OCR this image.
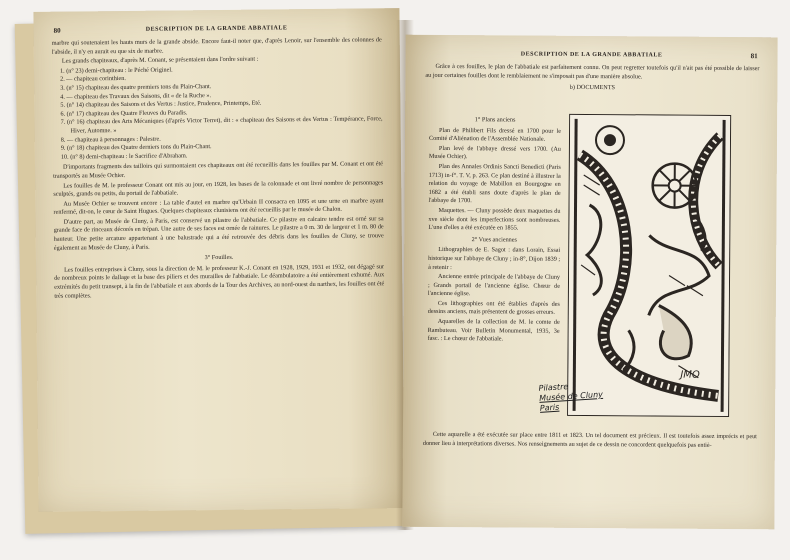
80	DESCRIPTION DE LA GRANDE ABBATIALE

marbre qui soutenaient les hauts murs de la grande abside. Encore faut-il noter que, d'après Lenoir, sur l'ensemble des colonnes de l'abside, il n'y en aurait eu que six de marbre.

Les grands chapiteaux, d'après M. Conant, se présentaient dans l'ordre suivant :

1. (n° 23) demi-chapiteau : le Péché Originel.
2. — chapiteau corinthien.
3. (n° 15) chapiteau des quatre premiers tons du Plain-Chant.
4. — chapiteau des Travaux des Saisons, dit « de la Ruche ».
5. (n° 14) chapiteau des Saisons et des Vertus : Justice, Prudence, Printemps, Eté.
6. (n° 17) chapiteau des Quatre Fleuves du Paradis.
7. (n° 16) chapiteau des Arts Mécaniques (d'après Victor Terret), dit : « chapiteau des Saisons et des Vertus : Tempérance, Force, Hiver, Automne. »
8. — chapiteau à personnages : Palestre.
9. (n° 18) chapiteau des Quatre derniers tons du Plain-Chant.
10. (n° 8) demi-chapiteau : le Sacrifice d'Abraham.

D'importants fragments des tailloirs qui surmontaient ces chapiteaux ont été recueillis dans les fouilles par M. Conant et ont été transportés au Musée Ochier.

Les fouilles de M. le professeur Conant ont mis au jour, en 1928, les bases de la colonnade et ont livré nombre de personnages sculptés, grands ou petits, du portail de l'abbatiale.

Au Musée Ochier se trouvent encore : La table d'autel en marbre qu'Urbain II consacra en 1095 et une urne en marbre ayant renfermé, dit-on, le cœur de Saint Hugues. Quelques chapiteaux clunisiens ont été recueillis par le musée de Chalon.

D'autre part, au Musée de Cluny, à Paris, est conservé un pilastre de l'abbatiale. Ce pilastre en calcaire tendre est orné sur sa grande face de rinceaux décorés en trépan. Une autre de ses faces est ornée de rainures. Le pilastre a 0 m. 30 de largeur et 1 m. 80 de hauteur. Une petite arcature appartenant à une balustrade qui a été retrouvée des débris dans les fouilles de Cluny, se trouve également au Musée de Cluny, à Paris.

3° Fouilles.

Les fouilles entreprises à Cluny, sous la direction de M. le professeur K.-J. Conant en 1928, 1929, 1931 et 1932, ont dégagé sur de nombreux points le dallage et la base des piliers et des murailles de l'abbatiale. Le déambulatoire a été entièrement exhumé. Aux extrémités du petit transept, à la fin de l'abbatiale et aux abords de la Tour des Archives, au nord-ouest du narthex, les fouilles ont été très complètes.

81
DESCRIPTION DE LA GRANDE ABBATIALE

Grâce à ces fouilles, le plan de l'abbatiale est parfaitement connu. On peut regretter toutefois qu'il n'ait pas été possible de laisser au jour certaines fouilles dont le remblaiement ne s'imposait pas d'une manière absolue.

b) DOCUMENTS

1° Plans anciens

Plan de Philibert Fils dressé en 1700 pour le Comité d'Aliénation de l'Assemblée Nationale.

Plan levé de l'abbaye dressé vers 1700. (Au Musée Ochier).

Plan des Annales Ordinis Sancti Benedicti (Paris 1713) in-f°. T. V, p. 263. Ce plan destiné à illustrer la relation du voyage de Mabillon en Bourgogne en 1682 a été établi sans doute d'après le plan de l'abbaye de 1700.

Maquettes. — Cluny possède deux maquettes du xve siècle dont les imperfections sont nombreuses. L'une d'elles a été exécutée en 1855.

2° Vues anciennes

Lithographies de E. Sagot : dans Lorain, Essai historique sur l'abbaye de Cluny ; in-8°, Dijon 1839 ; à retenir :

Ancienne entrée principale de l'abbaye de Cluny ; Grands portail de l'ancienne église. Chœur de l'ancienne église.

Ces lithographies ont été établies d'après des dessins anciens, mais présentent de grosses erreurs.

Aquarelles de la collection de M. le comte de Rambuteau. Voir Bulletin Monumental, 1935, 3e fasc. : Le chœur de l'abbatiale.

JMO
Pilastre
Musée de Cluny
Paris

Cette aquarelle a été exécutée sur place entre 1811 et 1823. Un tel document est précieux. Il est toutefois assez imprécis et peut donner lieu à interprétations diverses. Nos renseignements au sujet de ce dessin ne concordent quelquefois pas entiè-
